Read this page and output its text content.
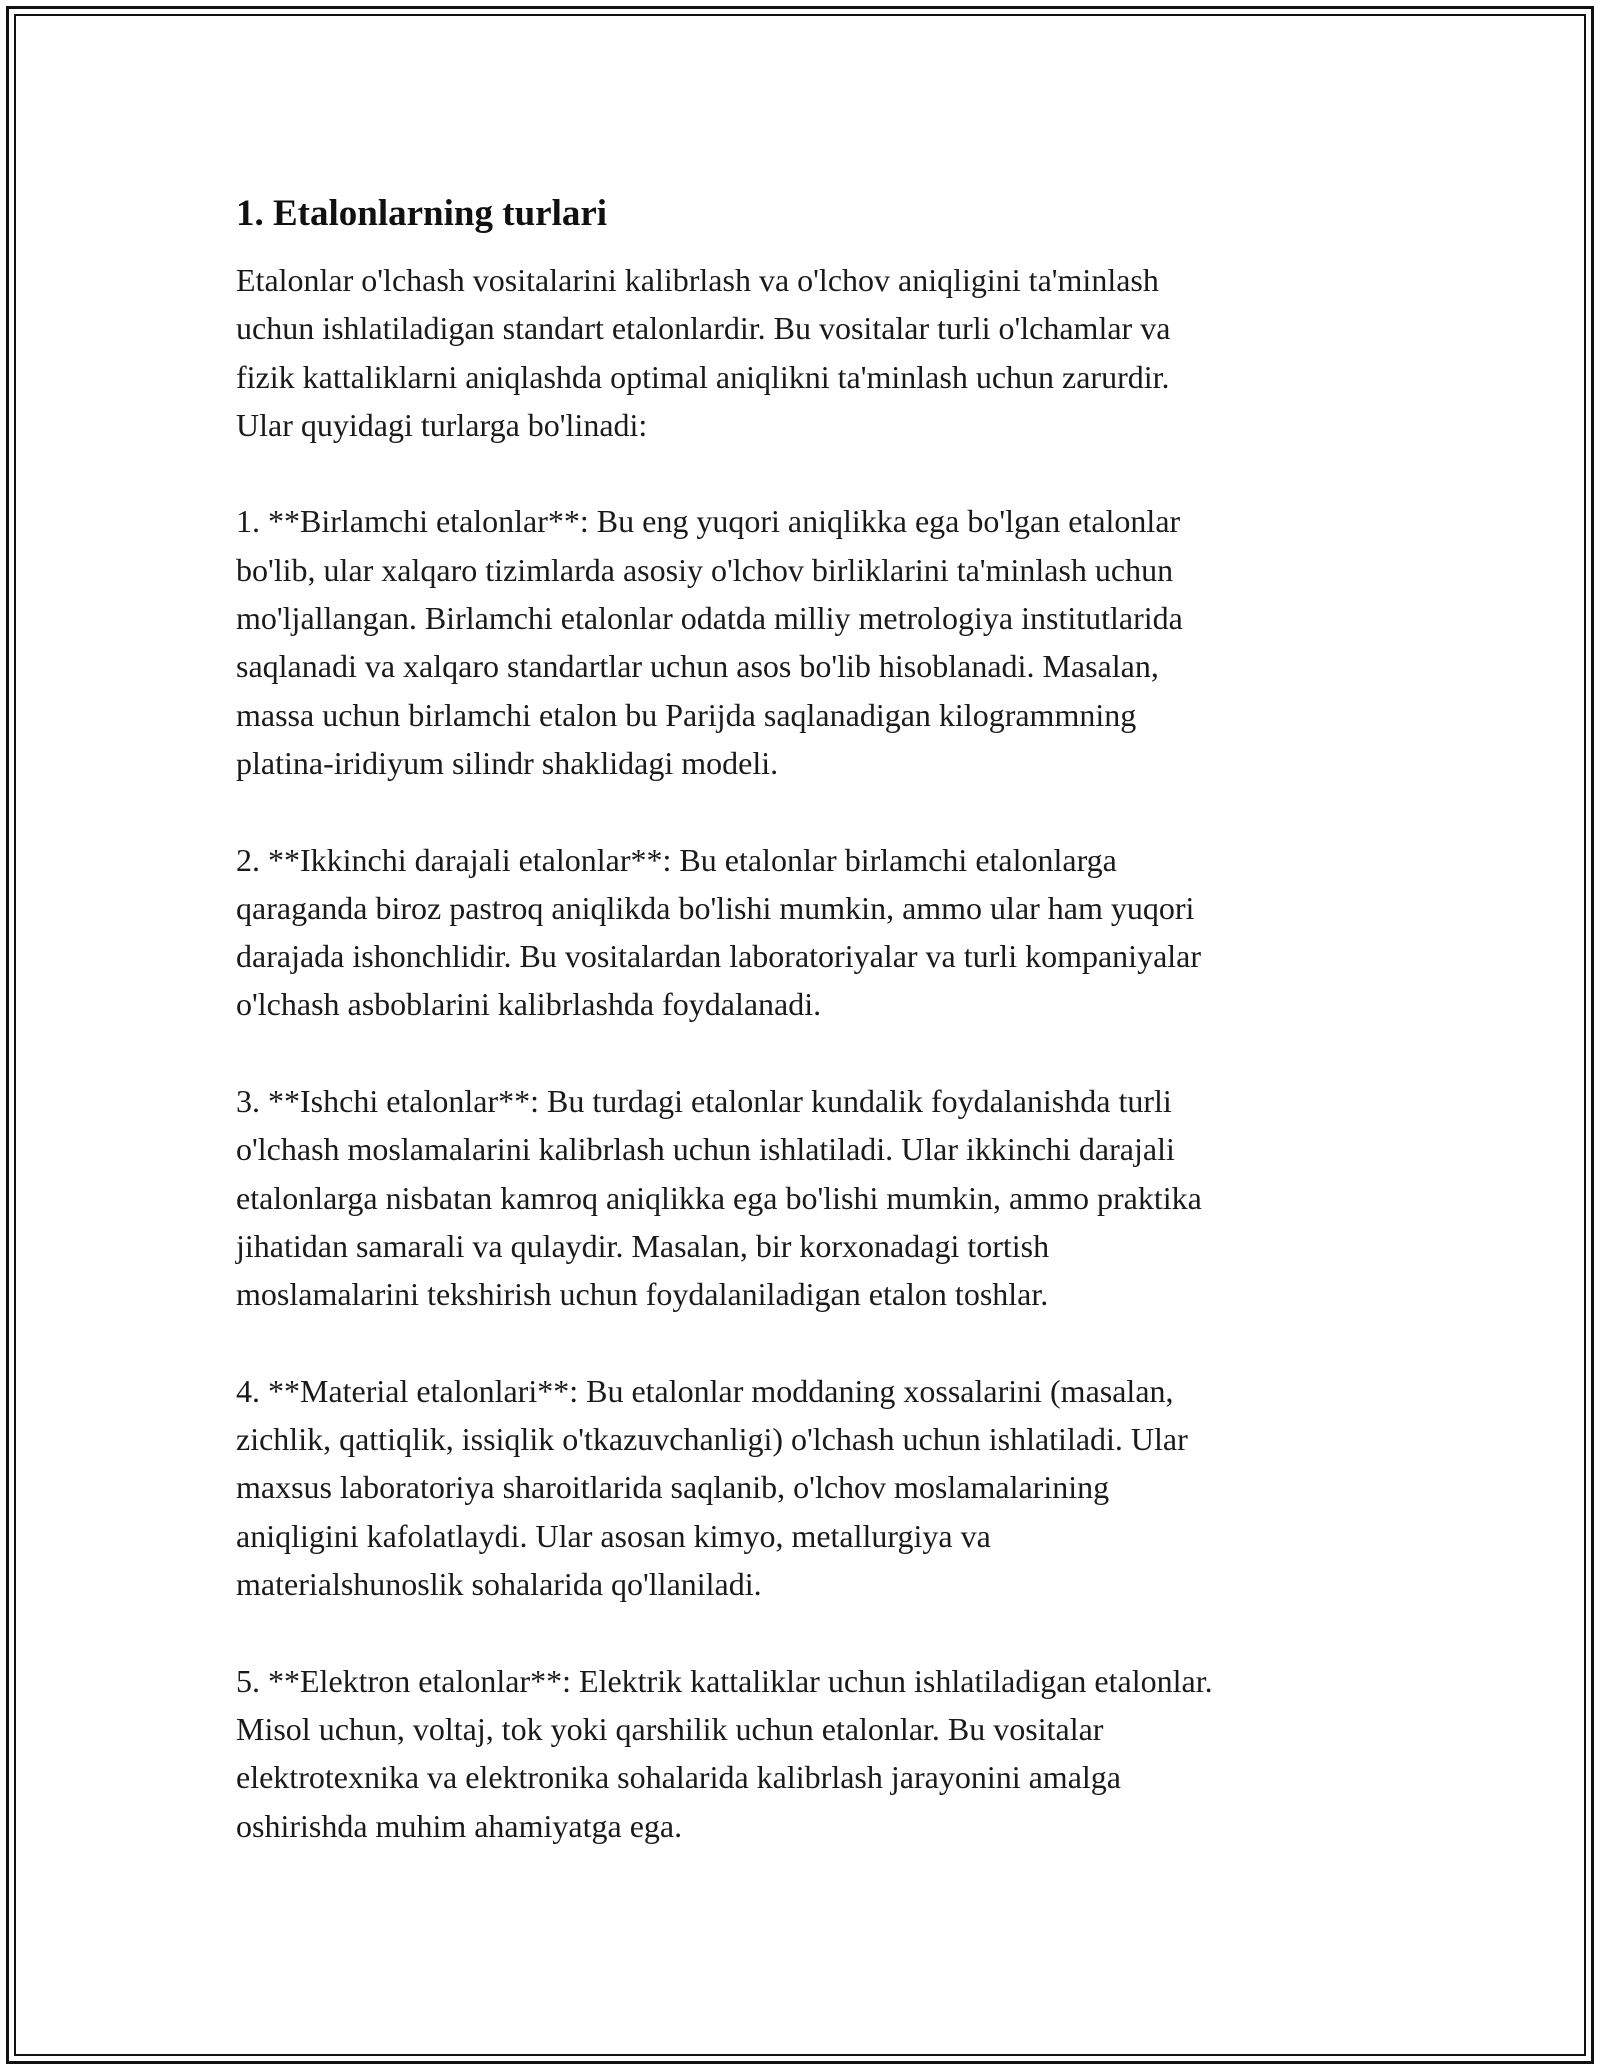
1. Etalonlarning turlari

Etalonlar o'lchash vositalarini kalibrlash va o'lchov aniqligini ta'minlash
uchun ishlatiladigan standart etalonlardir. Bu vositalar turli o'lchamlar va
fizik kattaliklarni aniqlashda optimal aniqlikni ta'minlash uchun zarurdir.
Ular quyidagi turlarga bo'linadi:

1. **Birlamchi etalonlar**: Bu eng yuqori aniqlikka ega bo'lgan etalonlar
bo'lib, ular xalqaro tizimlarda asosiy o'lchov birliklarini ta'minlash uchun
mo'ljallangan. Birlamchi etalonlar odatda milliy metrologiya institutlarida
saqlanadi va xalqaro standartlar uchun asos bo'lib hisoblanadi. Masalan,
massa uchun birlamchi etalon bu Parijda saqlanadigan kilogrammning
platina-iridiyum silindr shaklidagi modeli.

2. **Ikkinchi darajali etalonlar**: Bu etalonlar birlamchi etalonlarga
qaraganda biroz pastroq aniqlikda bo'lishi mumkin, ammo ular ham yuqori
darajada ishonchlidir. Bu vositalardan laboratoriyalar va turli kompaniyalar
o'lchash asboblarini kalibrlashda foydalanadi.

3. **Ishchi etalonlar**: Bu turdagi etalonlar kundalik foydalanishda turli
o'lchash moslamalarini kalibrlash uchun ishlatiladi. Ular ikkinchi darajali
etalonlarga nisbatan kamroq aniqlikka ega bo'lishi mumkin, ammo praktika
jihatidan samarali va qulaydir. Masalan, bir korxonadagi tortish
moslamalarini tekshirish uchun foydalaniladigan etalon toshlar.

4. **Material etalonlari**: Bu etalonlar moddaning xossalarini (masalan,
zichlik, qattiqlik, issiqlik o'tkazuvchanligi) o'lchash uchun ishlatiladi. Ular
maxsus laboratoriya sharoitlarida saqlanib, o'lchov moslamalarining
aniqligini kafolatlaydi. Ular asosan kimyo, metallurgiya va
materialshunoslik sohalarida qo'llaniladi.

5. **Elektron etalonlar**: Elektrik kattaliklar uchun ishlatiladigan etalonlar.
Misol uchun, voltaj, tok yoki qarshilik uchun etalonlar. Bu vositalar
elektrotexnika va elektronika sohalarida kalibrlash jarayonini amalga
oshirishda muhim ahamiyatga ega.
